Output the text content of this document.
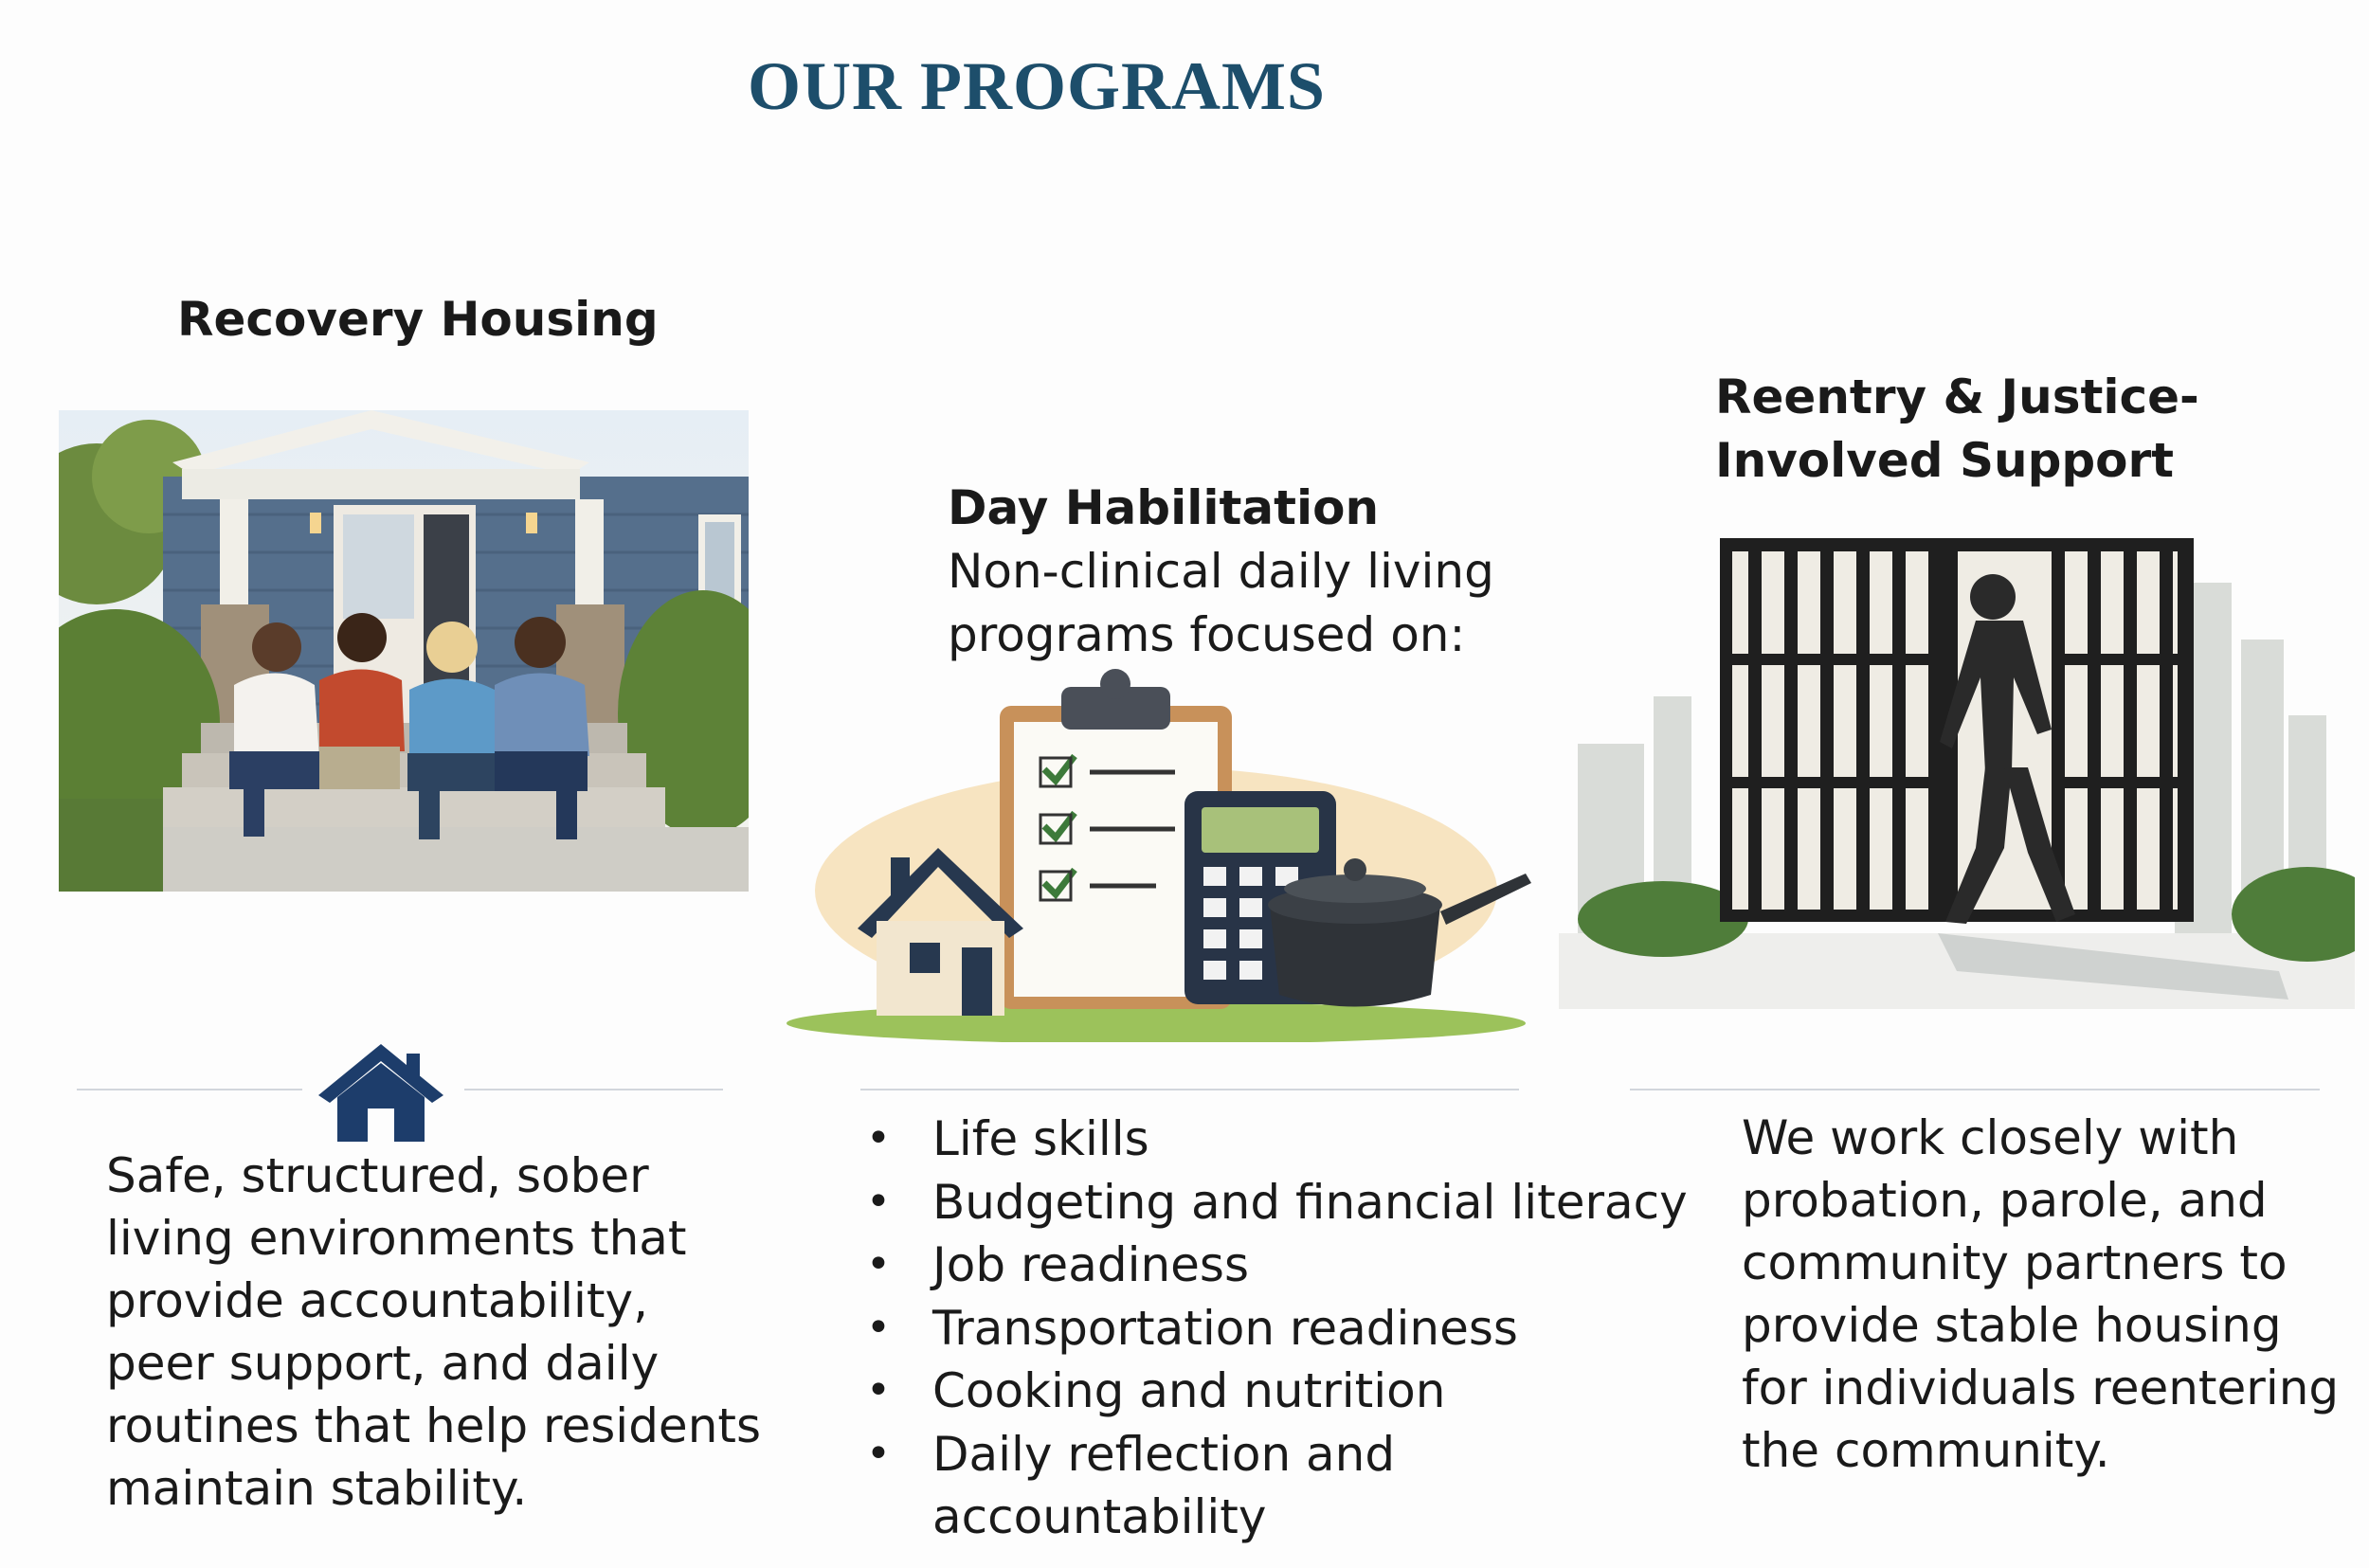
OUR PROGRAMS
Recovery Housing

Safe, structured, sober living environments that provide accountability, peer support, and daily routines that help residents maintain stability.

Day Habilitation

Non-clinical daily living programs focused on:

• Life skills
• Budgeting and financial literacy
• Job readiness
• Transportation readiness
• Cooking and nutrition
• Daily reflection and accountability
Reentry & Justice-Involved Support

We work closely with probation, parole, and community partners to provide stable housing for individuals reentering the community.
